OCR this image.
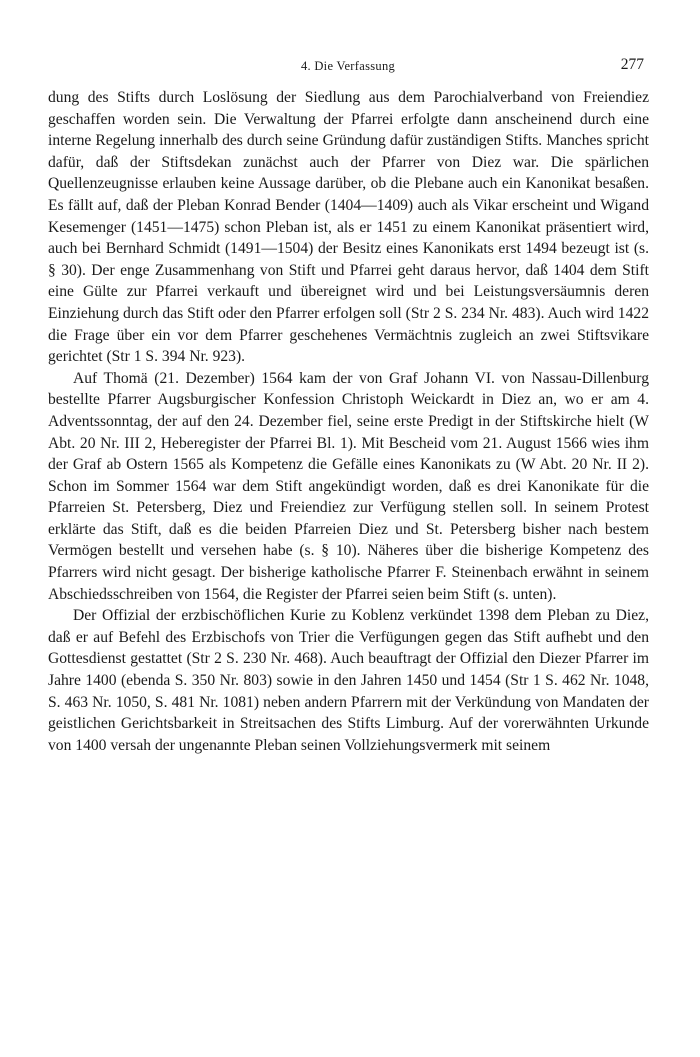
4. Die Verfassung	277

dung des Stifts durch Loslösung der Siedlung aus dem Parochialverband von Freiendiez geschaffen worden sein. Die Verwaltung der Pfarrei erfolgte dann anscheinend durch eine interne Regelung innerhalb des durch seine Gründung dafür zuständigen Stifts. Manches spricht dafür, daß der Stiftsdekan zunächst auch der Pfarrer von Diez war. Die spärlichen Quellenzeugnisse erlauben keine Aussage darüber, ob die Plebane auch ein Kanonikat besaßen. Es fällt auf, daß der Pleban Konrad Bender (1404—1409) auch als Vikar erscheint und Wigand Kesemenger (1451—1475) schon Pleban ist, als er 1451 zu einem Kanonikat präsentiert wird, auch bei Bernhard Schmidt (1491—1504) der Besitz eines Kanonikats erst 1494 bezeugt ist (s. § 30). Der enge Zusammenhang von Stift und Pfarrei geht daraus hervor, daß 1404 dem Stift eine Gülte zur Pfarrei verkauft und übereignet wird und bei Leistungsversäumnis deren Einziehung durch das Stift oder den Pfarrer erfolgen soll (Str 2 S. 234 Nr. 483). Auch wird 1422 die Frage über ein vor dem Pfarrer geschehenes Vermächtnis zugleich an zwei Stiftsvikare gerichtet (Str 1 S. 394 Nr. 923).

Auf Thomä (21. Dezember) 1564 kam der von Graf Johann VI. von Nassau-Dillenburg bestellte Pfarrer Augsburgischer Konfession Christoph Weickardt in Diez an, wo er am 4. Adventssonntag, der auf den 24. Dezember fiel, seine erste Predigt in der Stiftskirche hielt (W Abt. 20 Nr. III 2, Heberegister der Pfarrei Bl. 1). Mit Bescheid vom 21. August 1566 wies ihm der Graf ab Ostern 1565 als Kompetenz die Gefälle eines Kanonikats zu (W Abt. 20 Nr. II 2). Schon im Sommer 1564 war dem Stift angekündigt worden, daß es drei Kanonikate für die Pfarreien St. Petersberg, Diez und Freiendiez zur Verfügung stellen soll. In seinem Protest erklärte das Stift, daß es die beiden Pfarreien Diez und St. Petersberg bisher nach bestem Vermögen bestellt und versehen habe (s. § 10). Näheres über die bisherige Kompetenz des Pfarrers wird nicht gesagt. Der bisherige katholische Pfarrer F. Steinenbach erwähnt in seinem Abschiedsschreiben von 1564, die Register der Pfarrei seien beim Stift (s. unten).

Der Offizial der erzbischöflichen Kurie zu Koblenz verkündet 1398 dem Pleban zu Diez, daß er auf Befehl des Erzbischofs von Trier die Verfügungen gegen das Stift aufhebt und den Gottesdienst gestattet (Str 2 S. 230 Nr. 468). Auch beauftragt der Offizial den Diezer Pfarrer im Jahre 1400 (ebenda S. 350 Nr. 803) sowie in den Jahren 1450 und 1454 (Str 1 S. 462 Nr. 1048, S. 463 Nr. 1050, S. 481 Nr. 1081) neben andern Pfarrern mit der Verkündung von Mandaten der geistlichen Gerichtsbarkeit in Streitsachen des Stifts Limburg. Auf der vorerwähnten Urkunde von 1400 versah der ungenannte Pleban seinen Vollziehungsvermerk mit seinem
